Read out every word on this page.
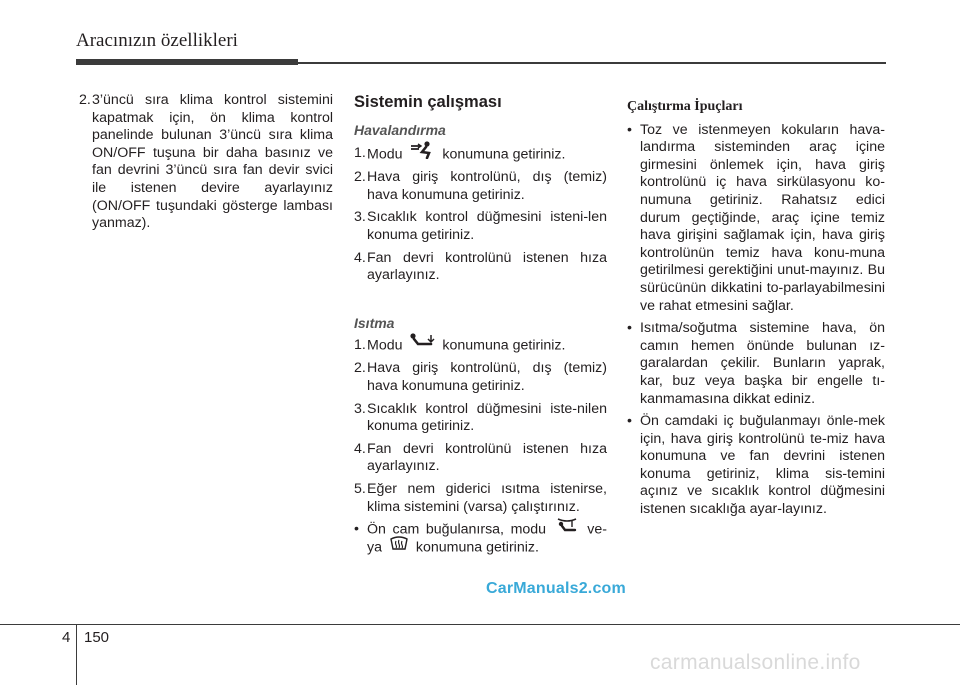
Aracınızın özellikleri
2. 3’üncü sıra klima kontrol sistemini kapatmak için, ön klima kontrol panelinde bulunan 3’üncü sıra klima ON/OFF tuşuna bir daha basınız ve fan devrini 3’üncü sıra fan devir svici ile istenen devire ayarlayınız (ON/OFF tuşundaki gösterge lambası yanmaz).
Sistemin çalışması
Havalandırma
1. Modu	konumuna getiriniz.
2. Hava giriş kontrolünü, dış (temiz) hava konumuna getiriniz.
3. Sıcaklık kontrol düğmesini isteni-len konuma getiriniz.
4. Fan devri kontrolünü istenen hıza ayarlayınız.
Isıtma
1. Modu	konumuna getiriniz.
2. Hava giriş kontrolünü, dış (temiz) hava konumuna getiriniz.
3. Sıcaklık kontrol düğmesini iste-nilen konuma getiriniz.
4. Fan devri kontrolünü istenen hıza ayarlayınız.
5. Eğer nem giderici ısıtma istenirse, klima sistemini (varsa) çalıştırınız.
• Ön cam buğulanırsa, modu	ve-ya konumuna getiriniz.
Çalıştırma İpuçları
• Toz ve istenmeyen kokuların hava-landırma sisteminden araç içine girmesini önlemek için, hava giriş kontrolünü iç hava sirkülasyonu ko-numuna getiriniz. Rahatsız edici durum geçtiğinde, araç içine temiz hava girişini sağlamak için, hava giriş kontrolünün temiz hava konu-muna getirilmesi gerektiğini unut-mayınız. Bu sürücünün dikkatini to-parlayabilmesini ve rahat etmesini sağlar.
• Isıtma/soğutma sistemine hava, ön camın hemen önünde bulunan ız-garalardan çekilir. Bunların yaprak, kar, buz veya başka bir engelle tı-kanmamasına dikkat ediniz.
• Ön camdaki iç buğulanmayı önle-mek için, hava giriş kontrolünü te-miz hava konumuna ve fan devrini istenen konuma getiriniz, klima sis-temini açınız ve sıcaklık kontrol düğmesini istenen sıcaklığa ayar-layınız.
CarManuals2.com
4 150
carmanualsonline.info
